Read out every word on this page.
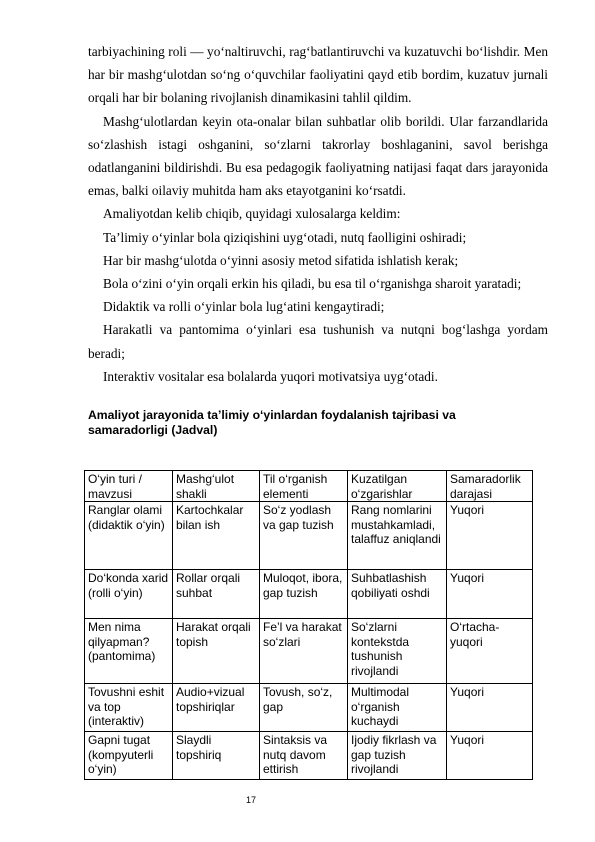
tarbiyachining roli — yo‘naltiruvchi, rag‘batlantiruvchi va kuzatuvchi bo‘lishdir. Men har bir mashg‘ulotdan so‘ng o‘quvchilar faoliyatini qayd etib bordim, kuzatuv jurnali orqali har bir bolaning rivojlanish dinamikasini tahlil qildim.

Mashg‘ulotlardan keyin ota-onalar bilan suhbatlar olib borildi. Ular farzandlarida so‘zlashish istagi oshganini, so‘zlarni takrorlay boshlaganini, savol berishga odatlanganini bildirishdi. Bu esa pedagogik faoliyatning natijasi faqat dars jarayonida emas, balki oilaviy muhitda ham aks etayotganini ko‘rsatdi.

Amaliyotdan kelib chiqib, quyidagi xulosalarga keldim:

Ta’limiy o‘yinlar bola qiziqishini uyg‘otadi, nutq faolligini oshiradi;

Har bir mashg‘ulotda o‘yinni asosiy metod sifatida ishlatish kerak;

Bola o‘zini o‘yin orqali erkin his qiladi, bu esa til o‘rganishga sharoit yaratadi;

Didaktik va rolli o‘yinlar bola lug‘atini kengaytiradi;

Harakatli va pantomima o‘yinlari esa tushunish va nutqni bog‘lashga yordam beradi;

Interaktiv vositalar esa bolalarda yuqori motivatsiya uyg‘otadi.

Amaliyot jarayonida ta’limiy o‘yinlardan foydalanish tajribasi va samaradorligi (Jadval)
O‘yin turi / mavzusi	Mashg‘ulot shakli	Til o‘rganish elementi	Kuzatilgan o‘zgarishlar	Samaradorlik darajasi
Ranglar olami (didaktik o‘yin)	Kartochkalar bilan ish	So‘z yodlash va gap tuzish	Rang nomlarini mustahkamladi, talaffuz aniqlandi	Yuqori
Do‘konda xarid (rolli o‘yin)	Rollar orqali suhbat	Muloqot, ibora, gap tuzish	Suhbatlashish qobiliyati oshdi	Yuqori
Men nima qilyapman? (pantomima)	Harakat orqali topish	Fe’l va harakat so‘zlari	So‘zlarni kontekstda tushunish rivojlandi	O‘rtacha-yuqori
Tovushni eshit va top (interaktiv)	Audio+vizual topshiriqlar	Tovush, so‘z, gap	Multimodal o‘rganish kuchaydi	Yuqori
Gapni tugat (kompyuterli o‘yin)	Slaydli topshiriq	Sintaksis va nutq davom ettirish	Ijodiy fikrlash va gap tuzish rivojlandi	Yuqori
17
